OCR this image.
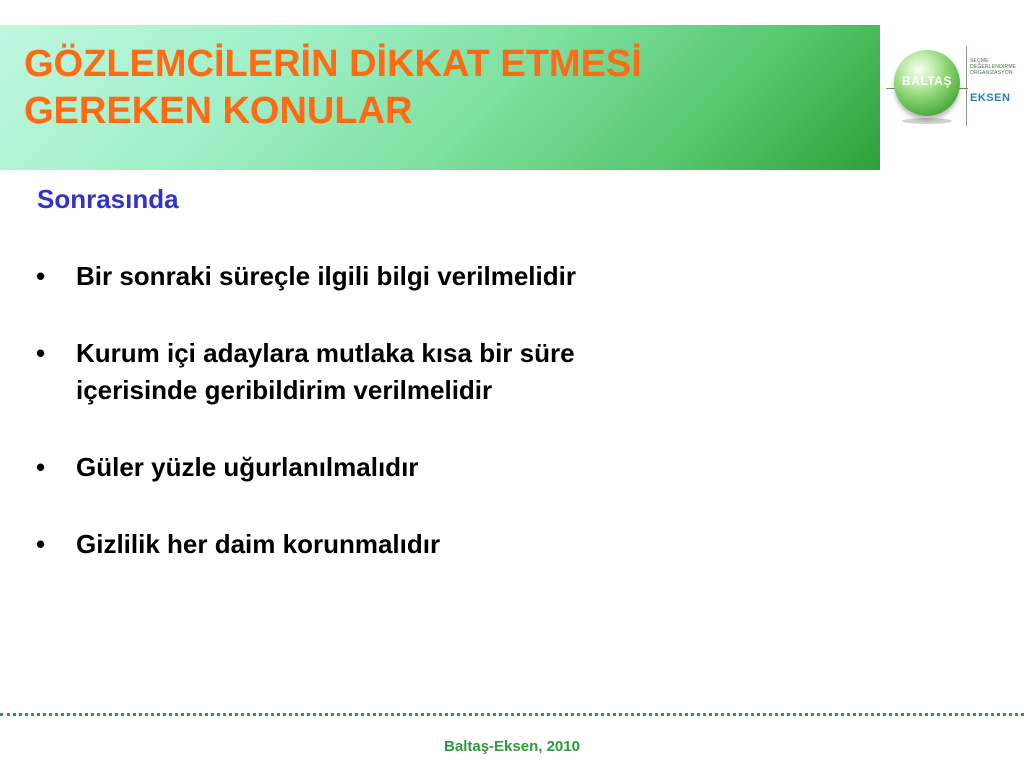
GÖZLEMCİLERİN DİKKAT ETMESİ
GEREKEN KONULAR
BALTAŞ
SEÇME
DEĞERLENDİRME
ORGANİZASYON
EKSEN
Sonrasında
•	Bir sonraki süreçle ilgili bilgi verilmelidir
•	Kurum içi adaylara mutlaka kısa bir süre
içerisinde geribildirim verilmelidir
•	Güler yüzle uğurlanılmalıdır
•	Gizlilik her daim korunmalıdır
Baltaş-Eksen, 2010
